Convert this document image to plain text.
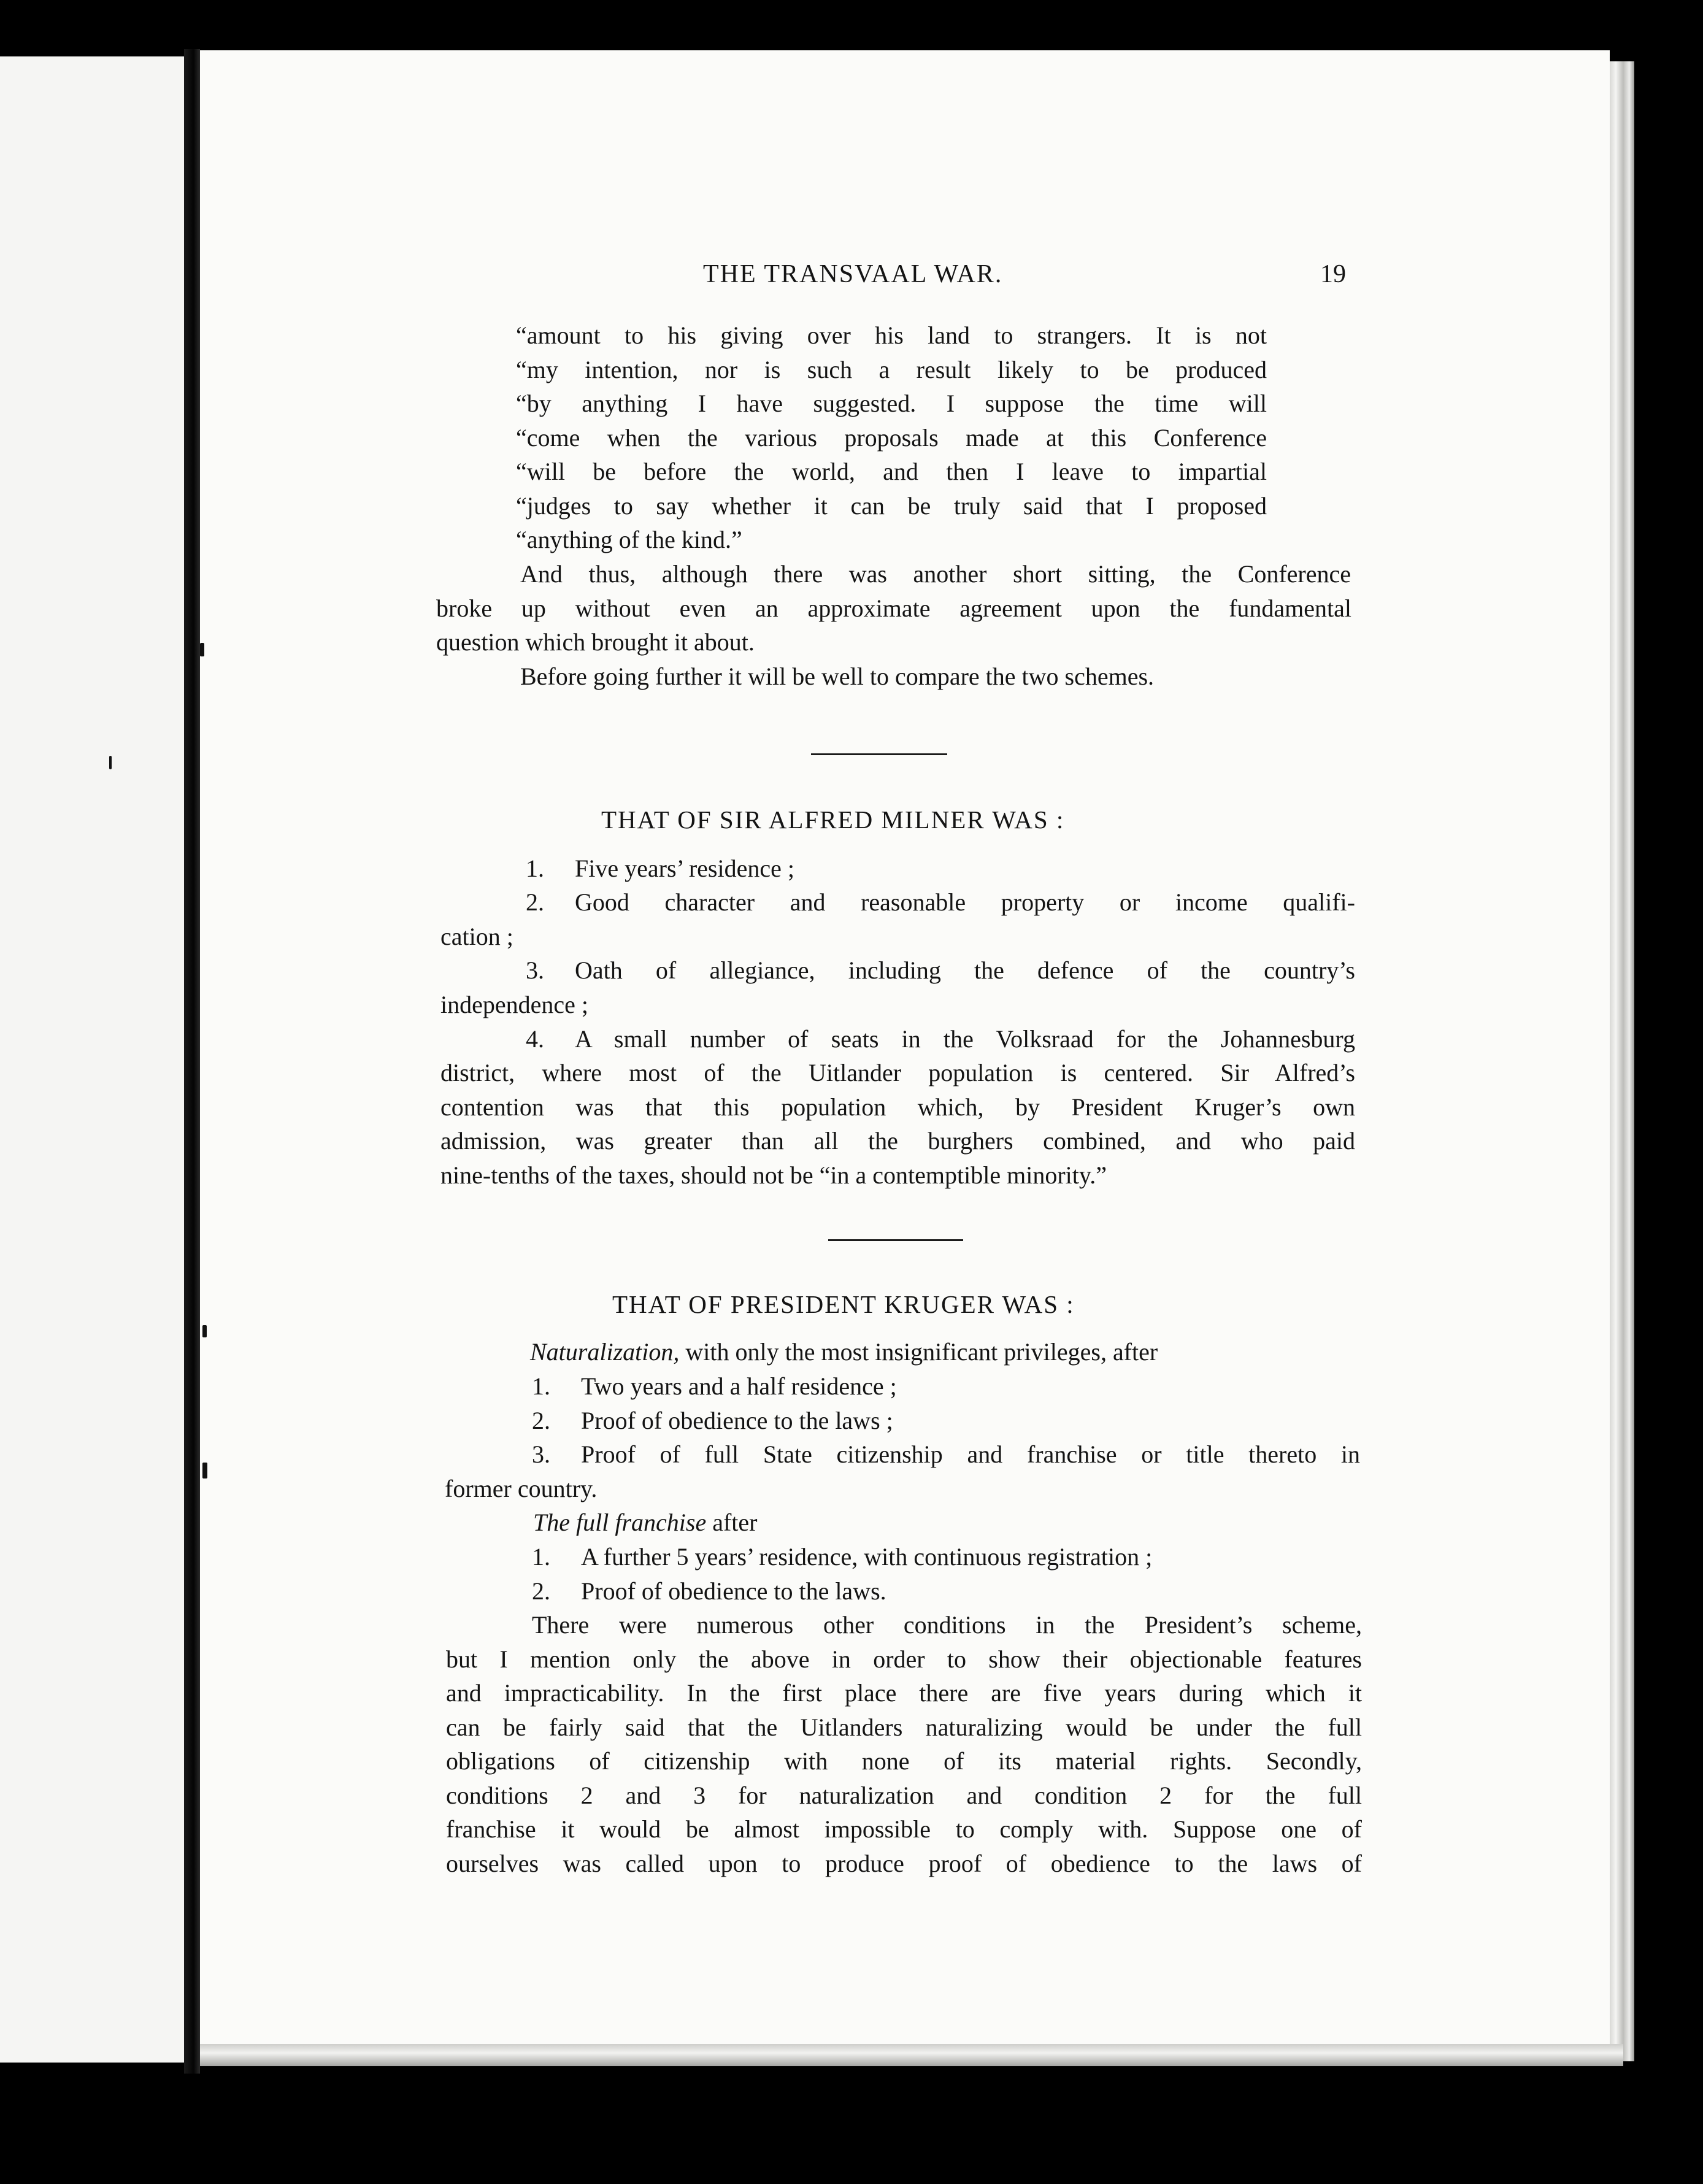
THE TRANSVAAL WAR.	19
“amount to his giving over his land to strangers. It is not
“my intention, nor is such a result likely to be produced
“by anything I have suggested. I suppose the time will
“come when the various proposals made at this Conference
“will be before the world, and then I leave to impartial
“judges to say whether it can be truly said that I proposed
“anything of the kind.”
And thus, although there was another short sitting, the Conference
broke up without even an approximate agreement upon the fundamental
question which brought it about.
Before going further it will be well to compare the two schemes.
THAT OF SIR ALFRED MILNER WAS :
1. Five years’ residence ;
2. Good character and reasonable property or income qualifi-
cation ;
3. Oath of allegiance, including the defence of the country’s
independence ;
4. A small number of seats in the Volksraad for the Johannesburg
district, where most of the Uitlander population is centered. Sir Alfred’s
contention was that this population which, by President Kruger’s own
admission, was greater than all the burghers combined, and who paid
nine-tenths of the taxes, should not be “in a contemptible minority.”
THAT OF PRESIDENT KRUGER WAS :
Naturalization, with only the most insignificant privileges, after
1. Two years and a half residence ;
2. Proof of obedience to the laws ;
3. Proof of full State citizenship and franchise or title thereto in
former country.
The full franchise after
1. A further 5 years’ residence, with continuous registration ;
2. Proof of obedience to the laws.
There were numerous other conditions in the President’s scheme,
but I mention only the above in order to show their objectionable features
and impracticability. In the first place there are five years during which it
can be fairly said that the Uitlanders naturalizing would be under the full
obligations of citizenship with none of its material rights. Secondly,
conditions 2 and 3 for naturalization and condition 2 for the full
franchise it would be almost impossible to comply with. Suppose one of
ourselves was called upon to produce proof of obedience to the laws of
